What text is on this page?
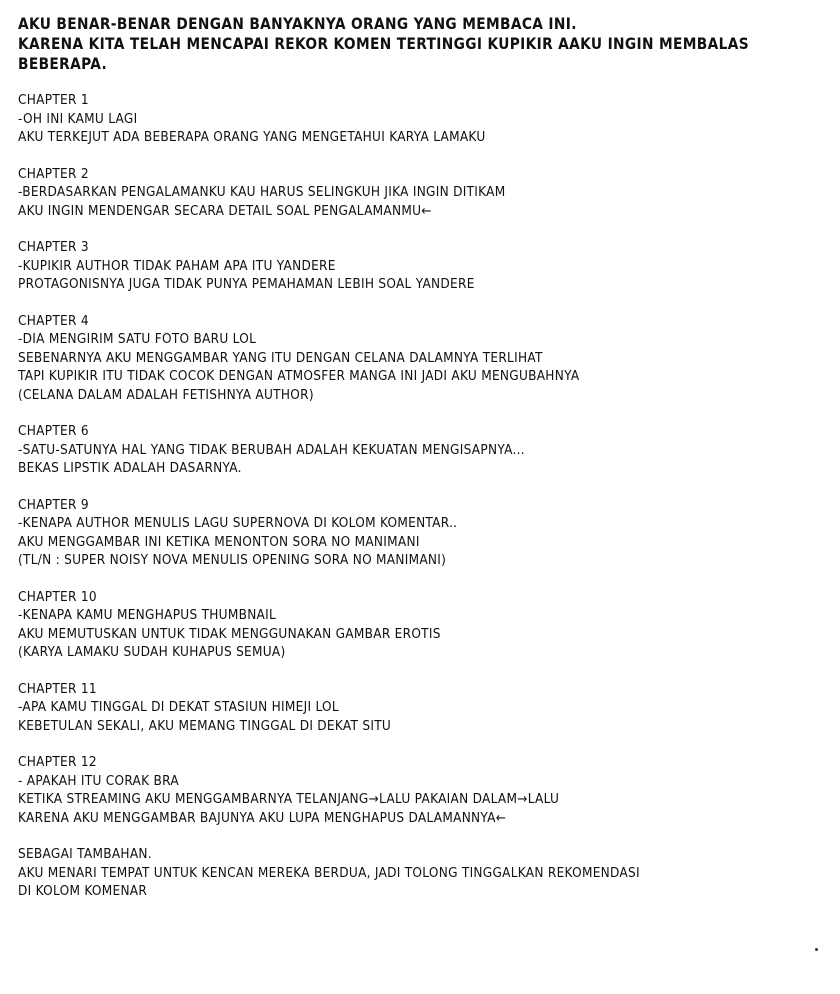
AKU BENAR-BENAR DENGAN BANYAKNYA ORANG YANG MEMBACA INI.
KARENA KITA TELAH MENCAPAI REKOR KOMEN TERTINGGI KUPIKIR AAKU INGIN MEMBALAS
BEBERAPA.
CHAPTER 1
-OH INI KAMU LAGI
AKU TERKEJUT ADA BEBERAPA ORANG YANG MENGETAHUI KARYA LAMAKU
CHAPTER 2
-BERDASARKAN PENGALAMANKU KAU HARUS SELINGKUH JIKA INGIN DITIKAM
AKU INGIN MENDENGAR SECARA DETAIL SOAL PENGALAMANMU←
CHAPTER 3
-KUPIKIR AUTHOR TIDAK PAHAM APA ITU YANDERE
PROTAGONISNYA JUGA TIDAK PUNYA PEMAHAMAN LEBIH SOAL YANDERE
CHAPTER 4
-DIA MENGIRIM SATU FOTO BARU LOL
SEBENARNYA AKU MENGGAMBAR YANG ITU DENGAN CELANA DALAMNYA TERLIHAT
TAPI KUPIKIR ITU TIDAK COCOK DENGAN ATMOSFER MANGA INI JADI AKU MENGUBAHNYA
(CELANA DALAM ADALAH FETISHNYA AUTHOR)
CHAPTER 6
-SATU-SATUNYA HAL YANG TIDAK BERUBAH ADALAH KEKUATAN MENGISAPNYA...
BEKAS LIPSTIK ADALAH DASARNYA.
CHAPTER 9
-KENAPA AUTHOR MENULIS LAGU SUPERNOVA DI KOLOM KOMENTAR..
AKU MENGGAMBAR INI KETIKA MENONTON SORA NO MANIMANI
(TL/N : SUPER NOISY NOVA MENULIS OPENING SORA NO MANIMANI)
CHAPTER 10
-KENAPA KAMU MENGHAPUS THUMBNAIL
AKU MEMUTUSKAN UNTUK TIDAK MENGGUNAKAN GAMBAR EROTIS
(KARYA LAMAKU SUDAH KUHAPUS SEMUA)
CHAPTER 11
-APA KAMU TINGGAL DI DEKAT STASIUN HIMEJI LOL
KEBETULAN SEKALI, AKU MEMANG TINGGAL DI DEKAT SITU
CHAPTER 12
- APAKAH ITU CORAK BRA
KETIKA STREAMING AKU MENGGAMBARNYA TELANJANG→LALU PAKAIAN DALAM→LALU
KARENA AKU MENGGAMBAR BAJUNYA AKU LUPA MENGHAPUS DALAMANNYA←
SEBAGAI TAMBAHAN.
AKU MENARI TEMPAT UNTUK KENCAN MEREKA BERDUA, JADI TOLONG TINGGALKAN REKOMENDASI
DI KOLOM KOMENAR
